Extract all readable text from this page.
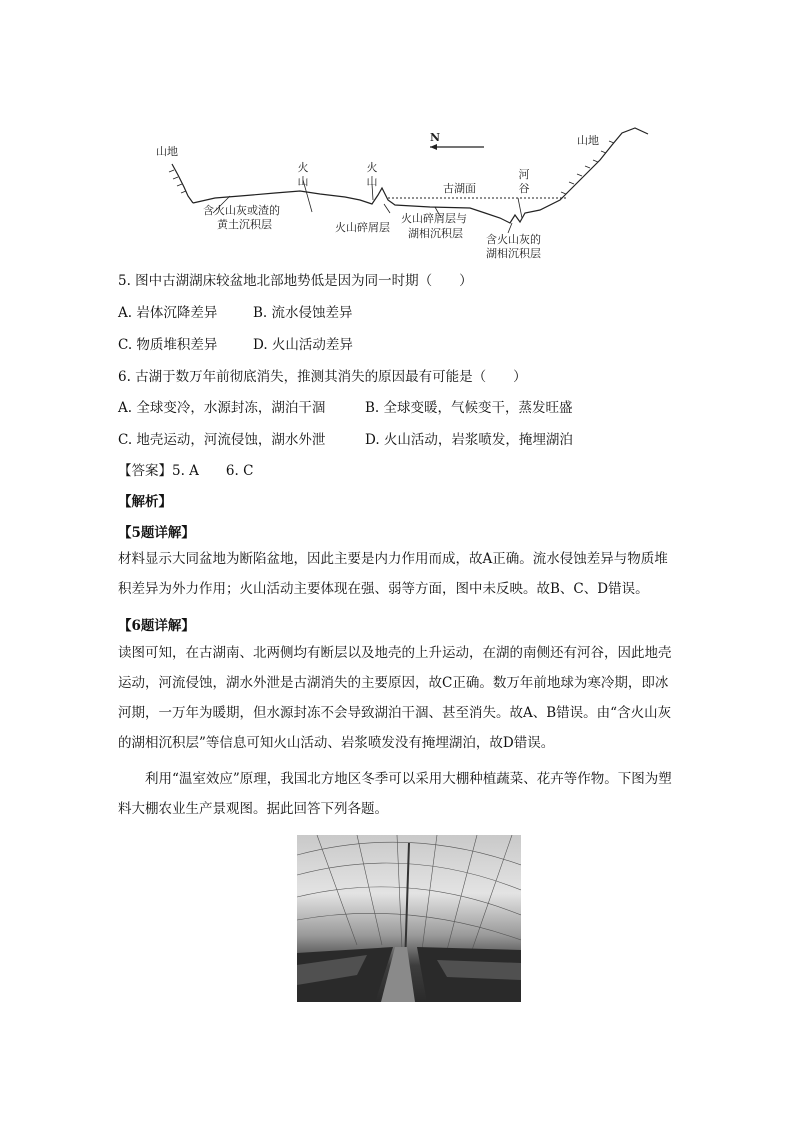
山地
山地
N
火
山
火
山
河
谷
古湖面
含火山灰或渣的
黄土沉积层	火山碎屑层
火山碎屑层与
湖相沉积层 含火山灰的
湖相沉积层
5. 图中古湖湖床较盆地北部地势低是因为同一时期（　　）
A. 岩体沉降差异	B. 流水侵蚀差异
C. 物质堆积差异	D. 火山活动差异
6. 古湖于数万年前彻底消失，推测其消失的原因最有可能是（　　）
A. 全球变冷，水源封冻，湖泊干涸	B. 全球变暖，气候变干，蒸发旺盛
C. 地壳运动，河流侵蚀，湖水外泄	D. 火山活动，岩浆喷发，掩埋湖泊
【答案】5. A　　6. C
【解析】
【5题详解】
材料显示大同盆地为断陷盆地，因此主要是内力作用而成，故A正确。流水侵蚀差异与物质堆积差异为外力作用；火山活动主要体现在强、弱等方面，图中未反映。故B、C、D错误。
【6题详解】
读图可知，在古湖南、北两侧均有断层以及地壳的上升运动，在湖的南侧还有河谷，因此地壳运动，河流侵蚀，湖水外泄是古湖消失的主要原因，故C正确。数万年前地球为寒冷期，即冰河期，一万年为暖期，但水源封冻不会导致湖泊干涸、甚至消失。故A、B错误。由“含火山灰的湖相沉积层”等信息可知火山活动、岩浆喷发没有掩埋湖泊，故D错误。
利用“温室效应”原理，我国北方地区冬季可以采用大棚种植蔬菜、花卉等作物。下图为塑料大棚农业生产景观图。据此回答下列各题。
